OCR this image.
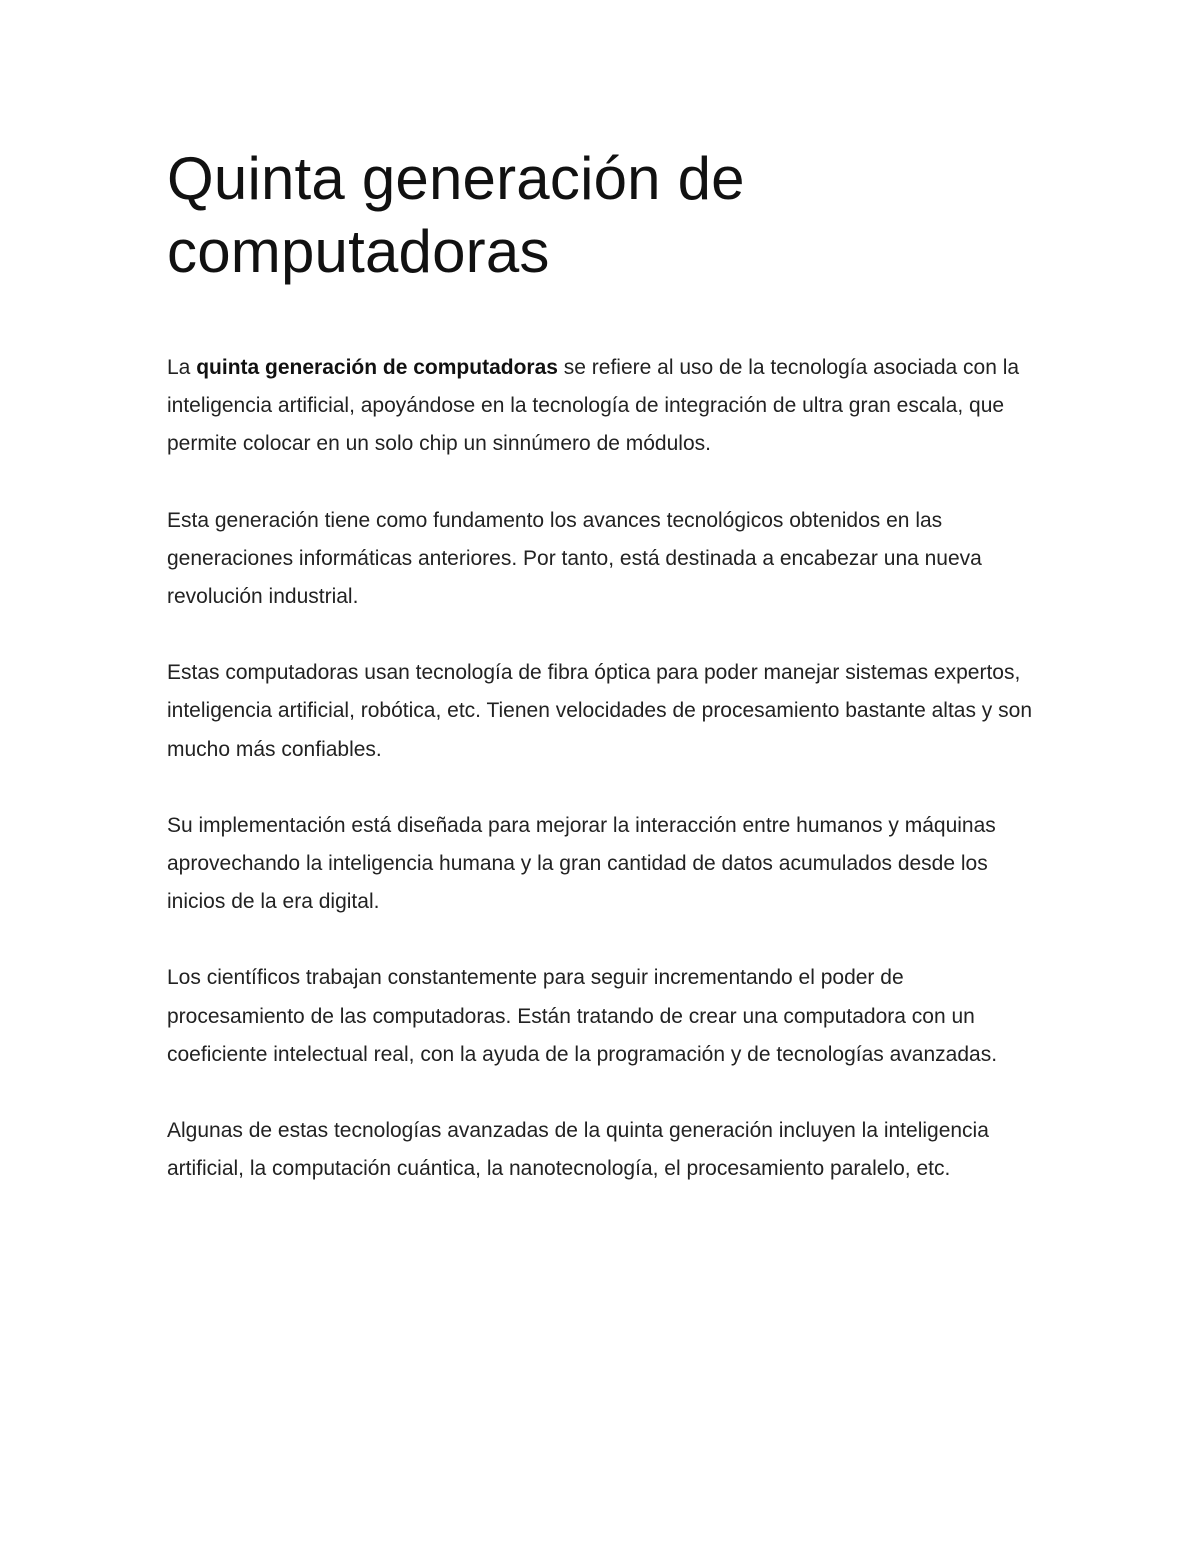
Quinta generación de computadoras

La quinta generación de computadoras se refiere al uso de la tecnología asociada con la inteligencia artificial, apoyándose en la tecnología de integración de ultra gran escala, que permite colocar en un solo chip un sinnúmero de módulos.

Esta generación tiene como fundamento los avances tecnológicos obtenidos en las generaciones informáticas anteriores. Por tanto, está destinada a encabezar una nueva revolución industrial.

Estas computadoras usan tecnología de fibra óptica para poder manejar sistemas expertos, inteligencia artificial, robótica, etc. Tienen velocidades de procesamiento bastante altas y son mucho más confiables.

Su implementación está diseñada para mejorar la interacción entre humanos y máquinas aprovechando la inteligencia humana y la gran cantidad de datos acumulados desde los inicios de la era digital.

Los científicos trabajan constantemente para seguir incrementando el poder de procesamiento de las computadoras. Están tratando de crear una computadora con un coeficiente intelectual real, con la ayuda de la programación y de tecnologías avanzadas.

Algunas de estas tecnologías avanzadas de la quinta generación incluyen la inteligencia artificial, la computación cuántica, la nanotecnología, el procesamiento paralelo, etc.
